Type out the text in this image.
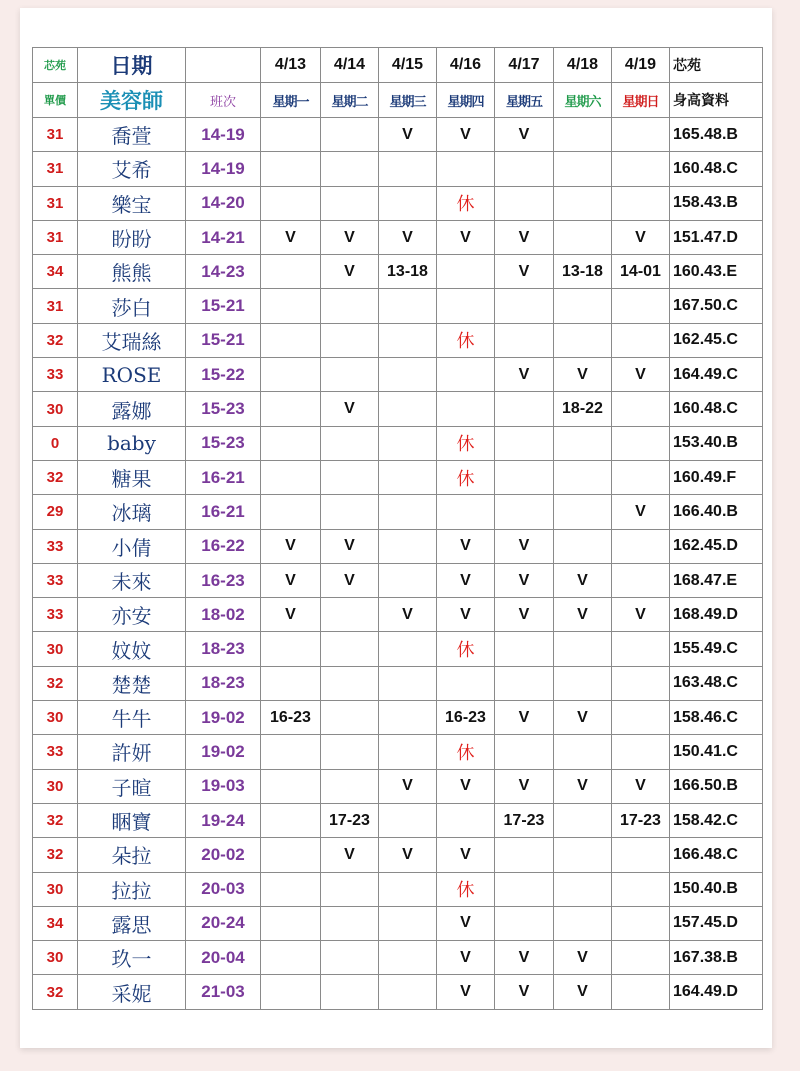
芯苑	日期		4/13	4/14	4/15	4/16	4/17	4/18	4/19	芯苑
單價	美容師	班次	星期一	星期二	星期三	星期四	星期五	星期六	星期日	身高資料
31	喬萱	14-19			V	V	V			165.48.B
31	艾希	14-19								160.48.C
31	樂宝	14-20				休				158.43.B
31	盼盼	14-21	V	V	V	V	V		V	151.47.D
34	熊熊	14-23		V	13-18		V	13-18	14-01	160.43.E
31	莎白	15-21								167.50.C
32	艾瑞絲	15-21				休				162.45.C
33	ROSE	15-22					V	V	V	164.49.C
30	露娜	15-23		V				18-22		160.48.C
0	baby	15-23				休				153.40.B
32	糖果	16-21				休				160.49.F
29	冰璃	16-21							V	166.40.B
33	小倩	16-22	V	V		V	V			162.45.D
33	未來	16-23	V	V		V	V	V		168.47.E
33	亦安	18-02	V		V	V	V	V	V	168.49.D
30	妏妏	18-23				休				155.49.C
32	楚楚	18-23								163.48.C
30	牛牛	19-02	16-23			16-23	V	V		158.46.C
33	許妍	19-02				休				150.41.C
30	子暄	19-03			V	V	V	V	V	166.50.B
32	睏寶	19-24		17-23			17-23		17-23	158.42.C
32	朵拉	20-02		V	V	V				166.48.C
30	拉拉	20-03				休				150.40.B
34	露思	20-24				V				157.45.D
30	玖一	20-04				V	V	V		167.38.B
32	采妮	21-03				V	V	V		164.49.D
